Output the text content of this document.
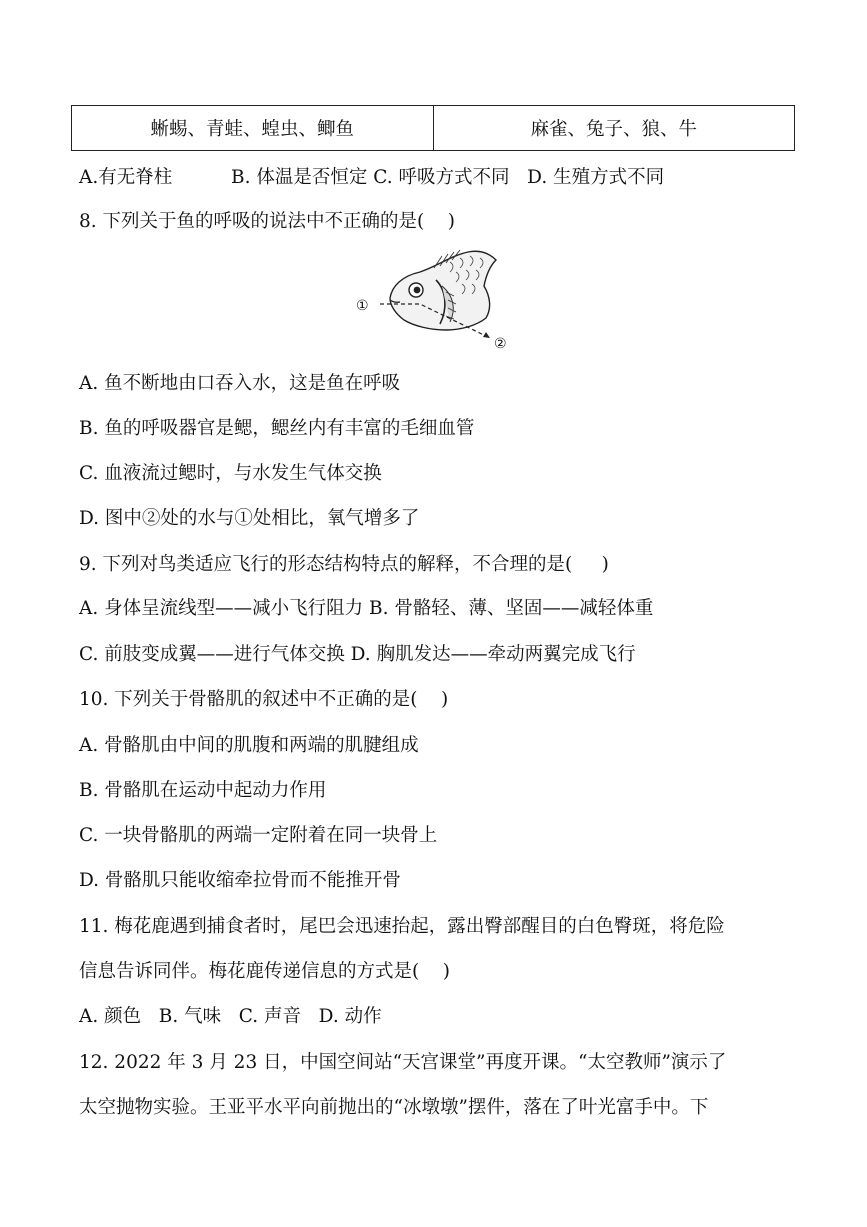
蜥蜴、青蛙、蝗虫、鲫鱼	麻雀、兔子、狼、牛
A.有无脊柱          B. 体温是否恒定 C. 呼吸方式不同   D. 生殖方式不同
8. 下列关于鱼的呼吸的说法中不正确的是(    )
①
②
A. 鱼不断地由口吞入水，这是鱼在呼吸
B. 鱼的呼吸器官是鳃，鳃丝内有丰富的毛细血管
C. 血液流过鳃时，与水发生气体交换
D. 图中②处的水与①处相比，氧气增多了
9. 下列对鸟类适应飞行的形态结构特点的解释，不合理的是(     )
A. 身体呈流线型——减小飞行阻力 B. 骨骼轻、薄、坚固——减轻体重
C. 前肢变成翼——进行气体交换 D. 胸肌发达——牵动两翼完成飞行
10. 下列关于骨骼肌的叙述中不正确的是(    )
A. 骨骼肌由中间的肌腹和两端的肌腱组成
B. 骨骼肌在运动中起动力作用
C. 一块骨骼肌的两端一定附着在同一块骨上
D. 骨骼肌只能收缩牵拉骨而不能推开骨
11. 梅花鹿遇到捕食者时，尾巴会迅速抬起，露出臀部醒目的白色臀斑，将危险
信息告诉同伴。梅花鹿传递信息的方式是(    )
A. 颜色   B. 气味   C. 声音   D. 动作
12. 2022 年 3 月 23 日，中国空间站“天宫课堂”再度开课。“太空教师”演示了
太空抛物实验。王亚平水平向前抛出的“冰墩墩”摆件，落在了叶光富手中。下
